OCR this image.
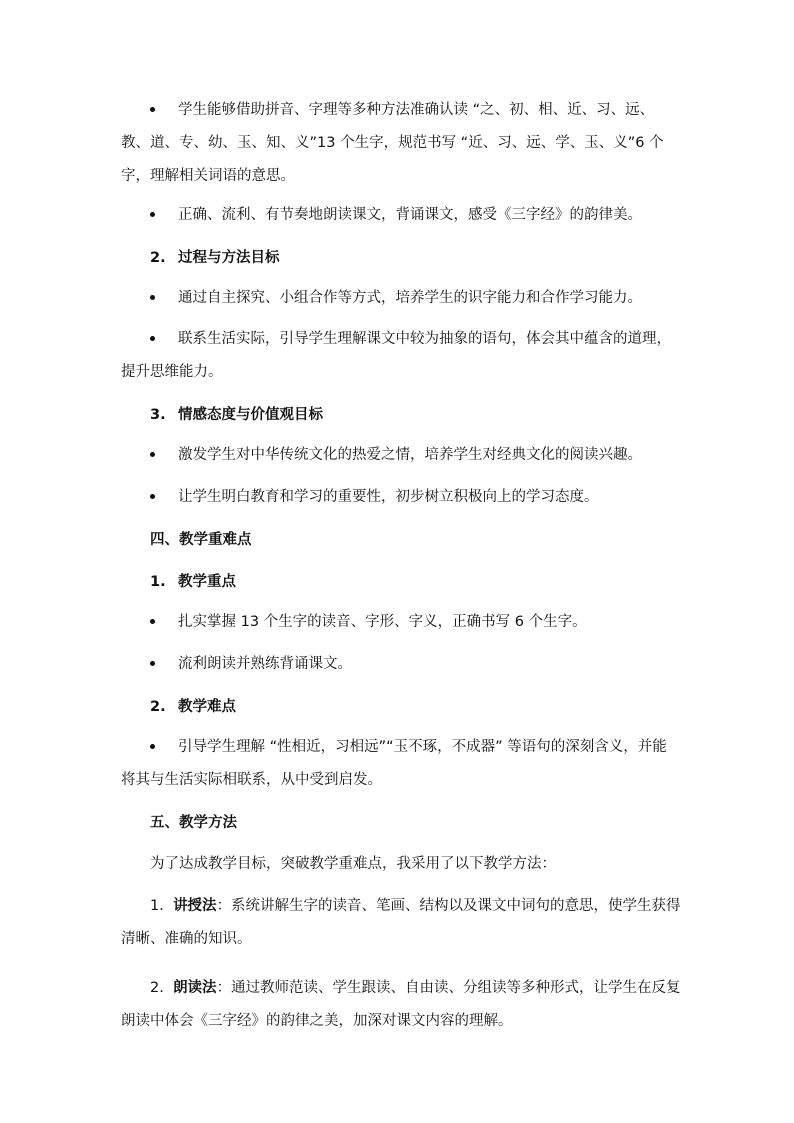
学生能够借助拼音、字理等多种方法准确认读 “之、初、相、近、习、远、教、道、专、幼、玉、知、义”13 个生字，规范书写 “近、习、远、学、玉、义”6 个字，理解相关词语的意思。
正确、流利、有节奏地朗读课文，背诵课文，感受《三字经》的韵律美。
2. 过程与方法目标
通过自主探究、小组合作等方式，培养学生的识字能力和合作学习能力。
联系生活实际，引导学生理解课文中较为抽象的语句，体会其中蕴含的道理，提升思维能力。
3. 情感态度与价值观目标
激发学生对中华传统文化的热爱之情，培养学生对经典文化的阅读兴趣。
让学生明白教育和学习的重要性，初步树立积极向上的学习态度。
四、教学重难点
1. 教学重点
扎实掌握 13 个生字的读音、字形、字义，正确书写 6 个生字。
流利朗读并熟练背诵课文。
2. 教学难点
引导学生理解 “性相近，习相远”“玉不琢，不成器” 等语句的深刻含义，并能将其与生活实际相联系，从中受到启发。
五、教学方法
为了达成教学目标，突破教学重难点，我采用了以下教学方法：
1. 讲授法：系统讲解生字的读音、笔画、结构以及课文中词句的意思，使学生获得清晰、准确的知识。
2. 朗读法：通过教师范读、学生跟读、自由读、分组读等多种形式，让学生在反复朗读中体会《三字经》的韵律之美，加深对课文内容的理解。
